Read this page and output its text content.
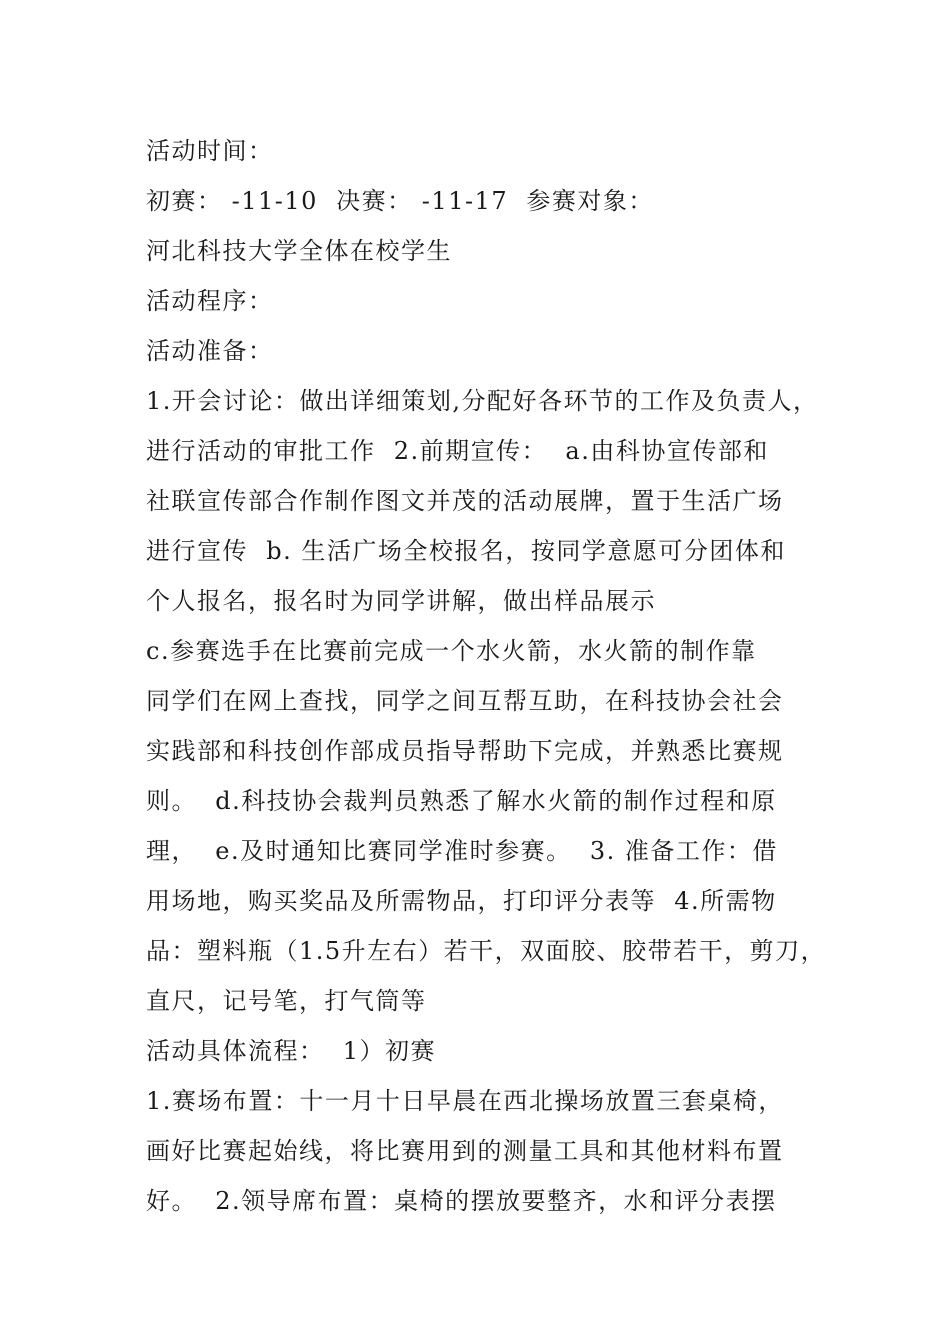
活动时间：
初赛： -11-10  决赛： -11-17  参赛对象：
河北科技大学全体在校学生
活动程序：
活动准备：
1.开会讨论：做出详细策划,分配好各环节的工作及负责人，
进行活动的审批工作  2.前期宣传：  a.由科协宣传部和
社联宣传部合作制作图文并茂的活动展牌，置于生活广场
进行宣传  b. 生活广场全校报名，按同学意愿可分团体和
个人报名，报名时为同学讲解，做出样品展示
c.参赛选手在比赛前完成一个水火箭，水火箭的制作靠
同学们在网上查找，同学之间互帮互助，在科技协会社会
实践部和科技创作部成员指导帮助下完成，并熟悉比赛规
则。  d.科技协会裁判员熟悉了解水火箭的制作过程和原
理，  e.及时通知比赛同学准时参赛。  3. 准备工作：借
用场地，购买奖品及所需物品，打印评分表等  4.所需物
品：塑料瓶（1.5升左右）若干，双面胶、胶带若干，剪刀，
直尺，记号笔，打气筒等
活动具体流程：  1）初赛
1.赛场布置：十一月十日早晨在西北操场放置三套桌椅，
画好比赛起始线，将比赛用到的测量工具和其他材料布置
好。  2.领导席布置：桌椅的摆放要整齐，水和评分表摆
